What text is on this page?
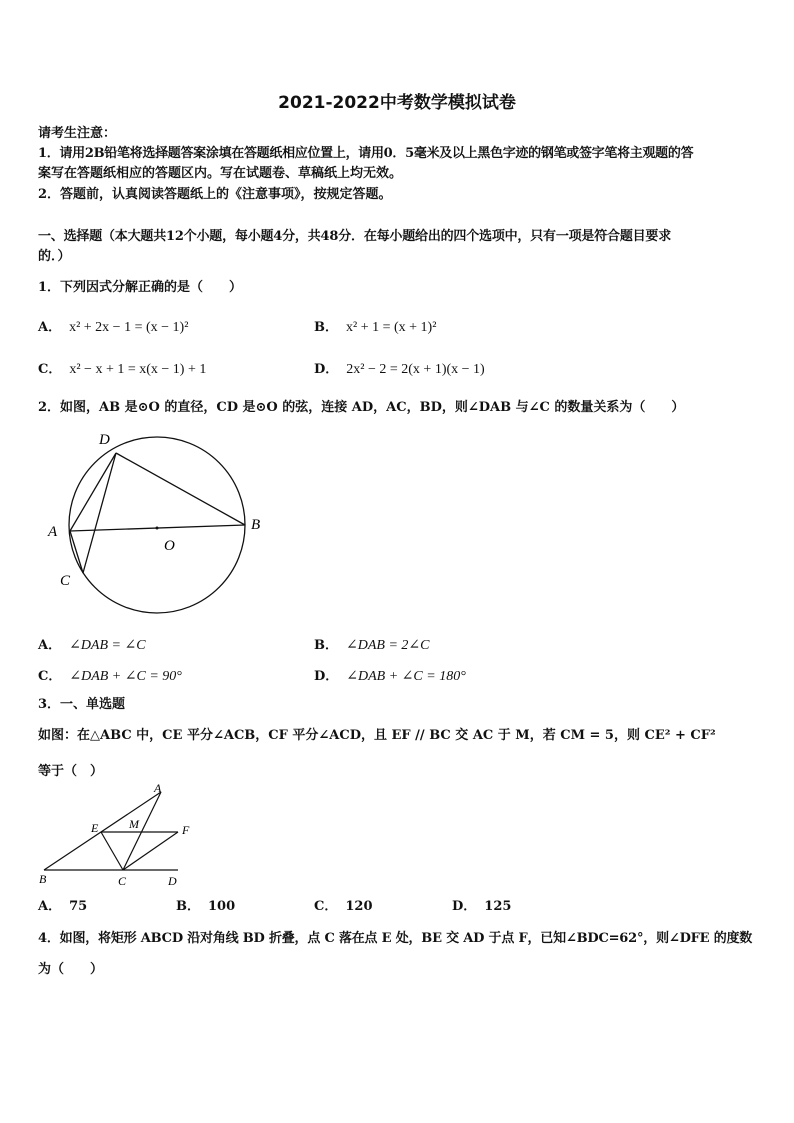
2021-2022中考数学模拟试卷
请考生注意：
1．请用2B铅笔将选择题答案涂填在答题纸相应位置上，请用0．5毫米及以上黑色字迹的钢笔或签字笔将主观题的答
案写在答题纸相应的答题区内。写在试题卷、草稿纸上均无效。
2．答题前，认真阅读答题纸上的《注意事项》，按规定答题。
一、选择题（本大题共12个小题，每小题4分，共48分．在每小题给出的四个选项中，只有一项是符合题目要求
的．）
1．下列因式分解正确的是（　　）
A． x² + 2x − 1 = (x − 1)²	B． x² + 1 = (x + 1)²
C． x² − x + 1 = x(x − 1) + 1	D． 2x² − 2 = 2(x + 1)(x − 1)
2．如图，AB 是⊙O 的直径，CD 是⊙O 的弦，连接 AD，AC，BD，则∠DAB 与∠C 的数量关系为（　　）
D
A	B
O
C
A． ∠DAB = ∠C	B． ∠DAB = 2∠C
C． ∠DAB + ∠C = 90°	D． ∠DAB + ∠C = 180°
3．一、单选题
如图：在△ABC 中，CE 平分∠ACB，CF 平分∠ACD，且 EF // BC 交 AC 于 M，若 CM = 5，则 CE² + CF²
等于（　）
A
E	M	F
B	C	D
A． 75	B． 100	C． 120	D． 125
4．如图，将矩形 ABCD 沿对角线 BD 折叠，点 C 落在点 E 处，BE 交 AD 于点 F，已知∠BDC=62°，则∠DFE 的度数
为（　　）
